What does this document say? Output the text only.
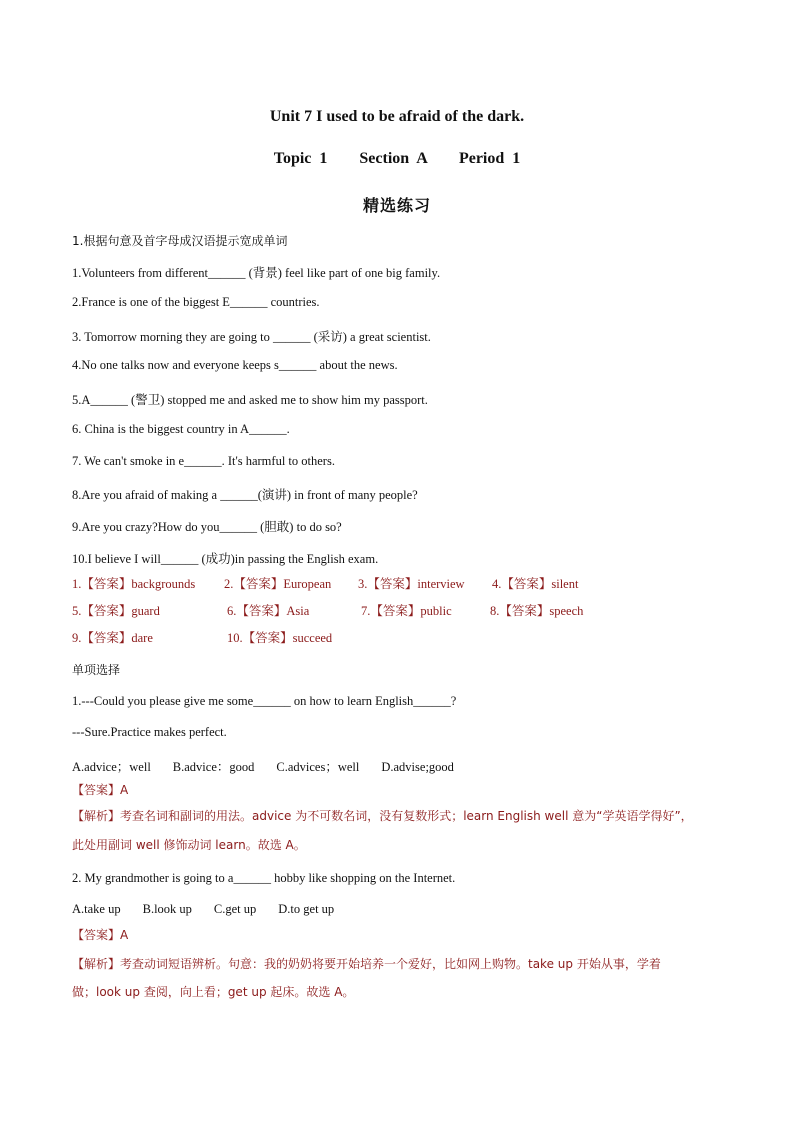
Unit 7 I used to be afraid of the dark.
Topic 1    Section A    Period 1
精选练习

1.根据句意及首字母成汉语提示宽成单词

1.Volunteers from different______ (背景) feel like part of one big family.

2.France is one of the biggest E______ countries.

3. Tomorrow morning they are going to ______ (采访) a great scientist.

4.No one talks now and everyone keeps s______ about the news.

5.A______ (警卫) stopped me and asked me to show him my passport.

6. China is the biggest country in A______.

7. We can't smoke in e______. It's harmful to others.

8.Are you afraid of making a ______(演讲) in front of many people?

9.Are you crazy?How do you______ (胆敢) to do so?

10.I believe I will______ (成功)in passing the English exam.

1.【答案】backgrounds 2.【答案】European 3.【答案】interview 4.【答案】silent
5.【答案】guard	6.【答案】Asia	7.【答案】public	8.【答案】speech
9.【答案】dare	10.【答案】succeed

单项选择

1.---Could you please give me some______ on how to learn English______?

---Sure.Practice makes perfect.

A.advice；well B.advice：good C.advices；well D.advise;good

【答案】A

【解析】考查名词和副词的用法。advice 为不可数名词，没有复数形式；learn English well 意为“学英语学得好”，

此处用副词 well 修饰动词 learn。故选 A。

2. My grandmother is going to a______ hobby like shopping on the Internet.

A.take up B.look up C.get up D.to get up

【答案】A

【解析】考查动词短语辨析。句意：我的奶奶将要开始培养一个爱好，比如网上购物。take up 开始从事，学着

做；look up 查阅，向上看；get up 起床。故选 A。
